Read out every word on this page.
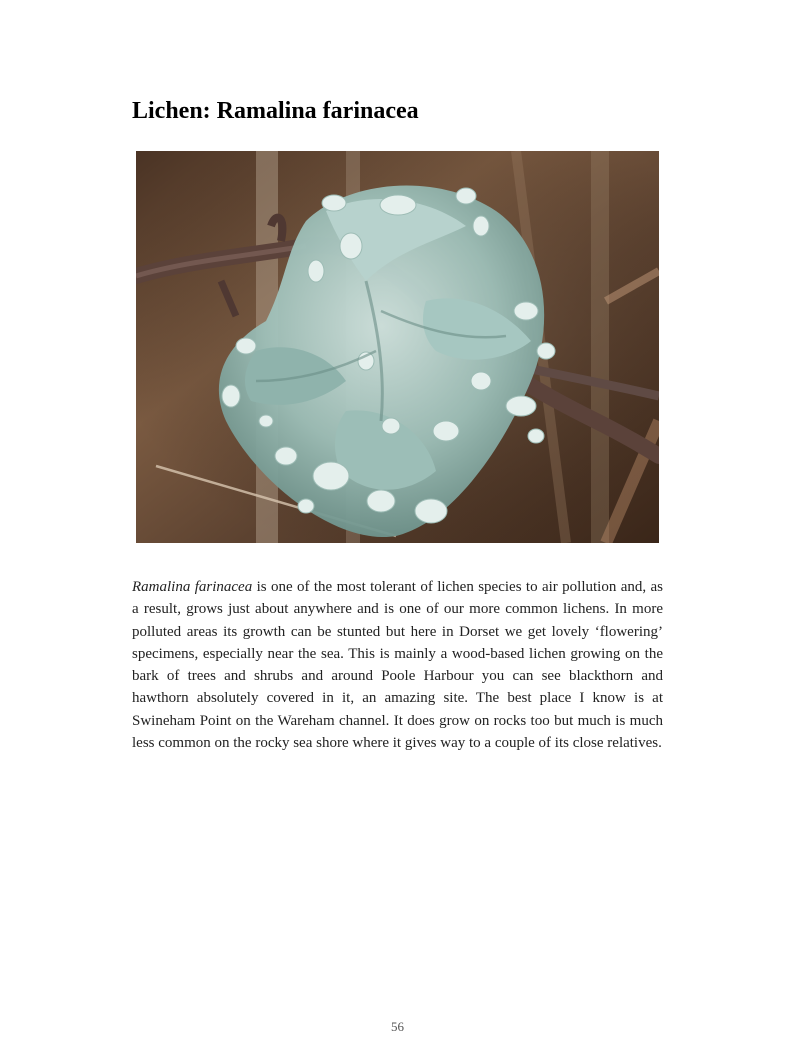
Lichen: Ramalina farinacea

Ramalina farinacea is one of the most tolerant of lichen species to air pollution and, as a result, grows just about anywhere and is one of our more common lichens. In more polluted areas its growth can be stunted but here in Dorset we get lovely ‘flowering’ specimens, especially near the sea. This is mainly a wood-based lichen growing on the bark of trees and shrubs and around Poole Harbour you can see blackthorn and hawthorn absolutely covered in it, an amazing site. The best place I know is at Swineham Point on the Wareham channel. It does grow on rocks too but much is much less common on the rocky sea shore where it gives way to a couple of its close relatives.

56
